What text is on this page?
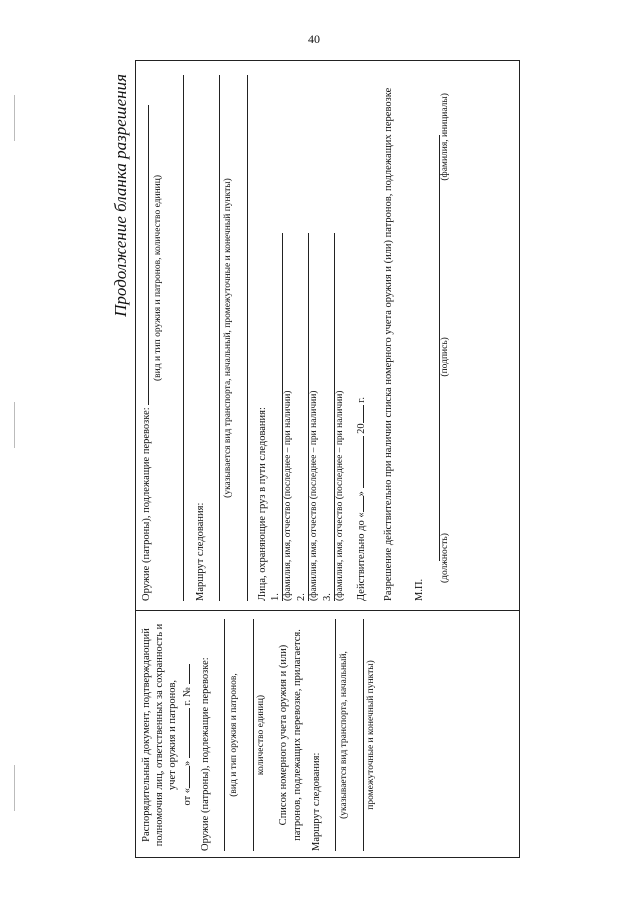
40
Продолжение бланка разрешения

Распорядительный документ, подтверждающий полномочия лиц, ответственных за сохранность и учет оружия и патронов,

от «»  г. № Оружие (патроны), подлежащие перевозке: (вид и тип оружия и патронов, количество единиц) Список номерного учета оружия и (или) патронов, подлежащих перевозке, прилагается. Маршрут следования: (указывается вид транспорта, начальный, промежуточные и конечный пункты)

Оружие (патроны), подлежащие перевозке:

(вид и тип оружия и патронов, количество единиц)

Маршрут следования:

(указывается вид транспорта, начальный, промежуточные и конечный пункты)

Лица, охраняющие груз в пути следования: 1. (фамилия, имя, отчество (последнее – при наличии) 2. (фамилия, имя, отчество (последнее – при наличии) 3. (фамилия, имя, отчество (последнее – при наличии) Действительно до «»  20 г. Разрешение действительно при наличии списка номерного учета оружия и (или) патронов, подлежащих перевозке М.П.

(должность)
(подпись)
(фамилия, инициалы)
